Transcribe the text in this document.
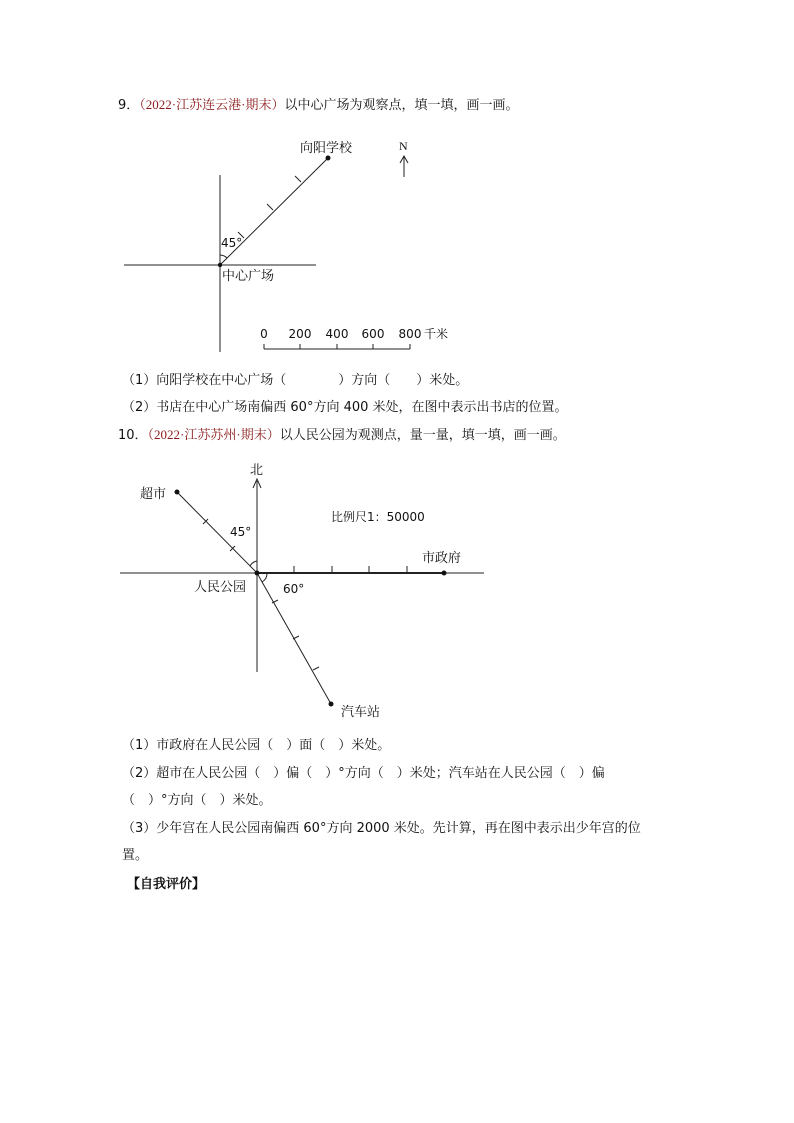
9．（2022·江苏连云港·期末）以中心广场为观察点，填一填，画一画。
向阳学校
45°
中心广场
N
0 200 400 600 800 千米
（1）向阳学校在中心广场（　　　　）方向（　　）米处。
（2）书店在中心广场南偏西 60°方向 400 米处，在图中表示出书店的位置。
10．（2022·江苏苏州·期末）以人民公园为观测点，量一量，填一填，画一画。
北
超市
45°
比例尺1：50000
市政府
人民公园	60°
汽车站
（1）市政府在人民公园（　）面（　）米处。
（2）超市在人民公园（　）偏（　）°方向（　）米处；汽车站在人民公园（　）偏
（　）°方向（　）米处。
（3）少年宫在人民公园南偏西 60°方向 2000 米处。先计算，再在图中表示出少年宫的位
置。
【自我评价】
